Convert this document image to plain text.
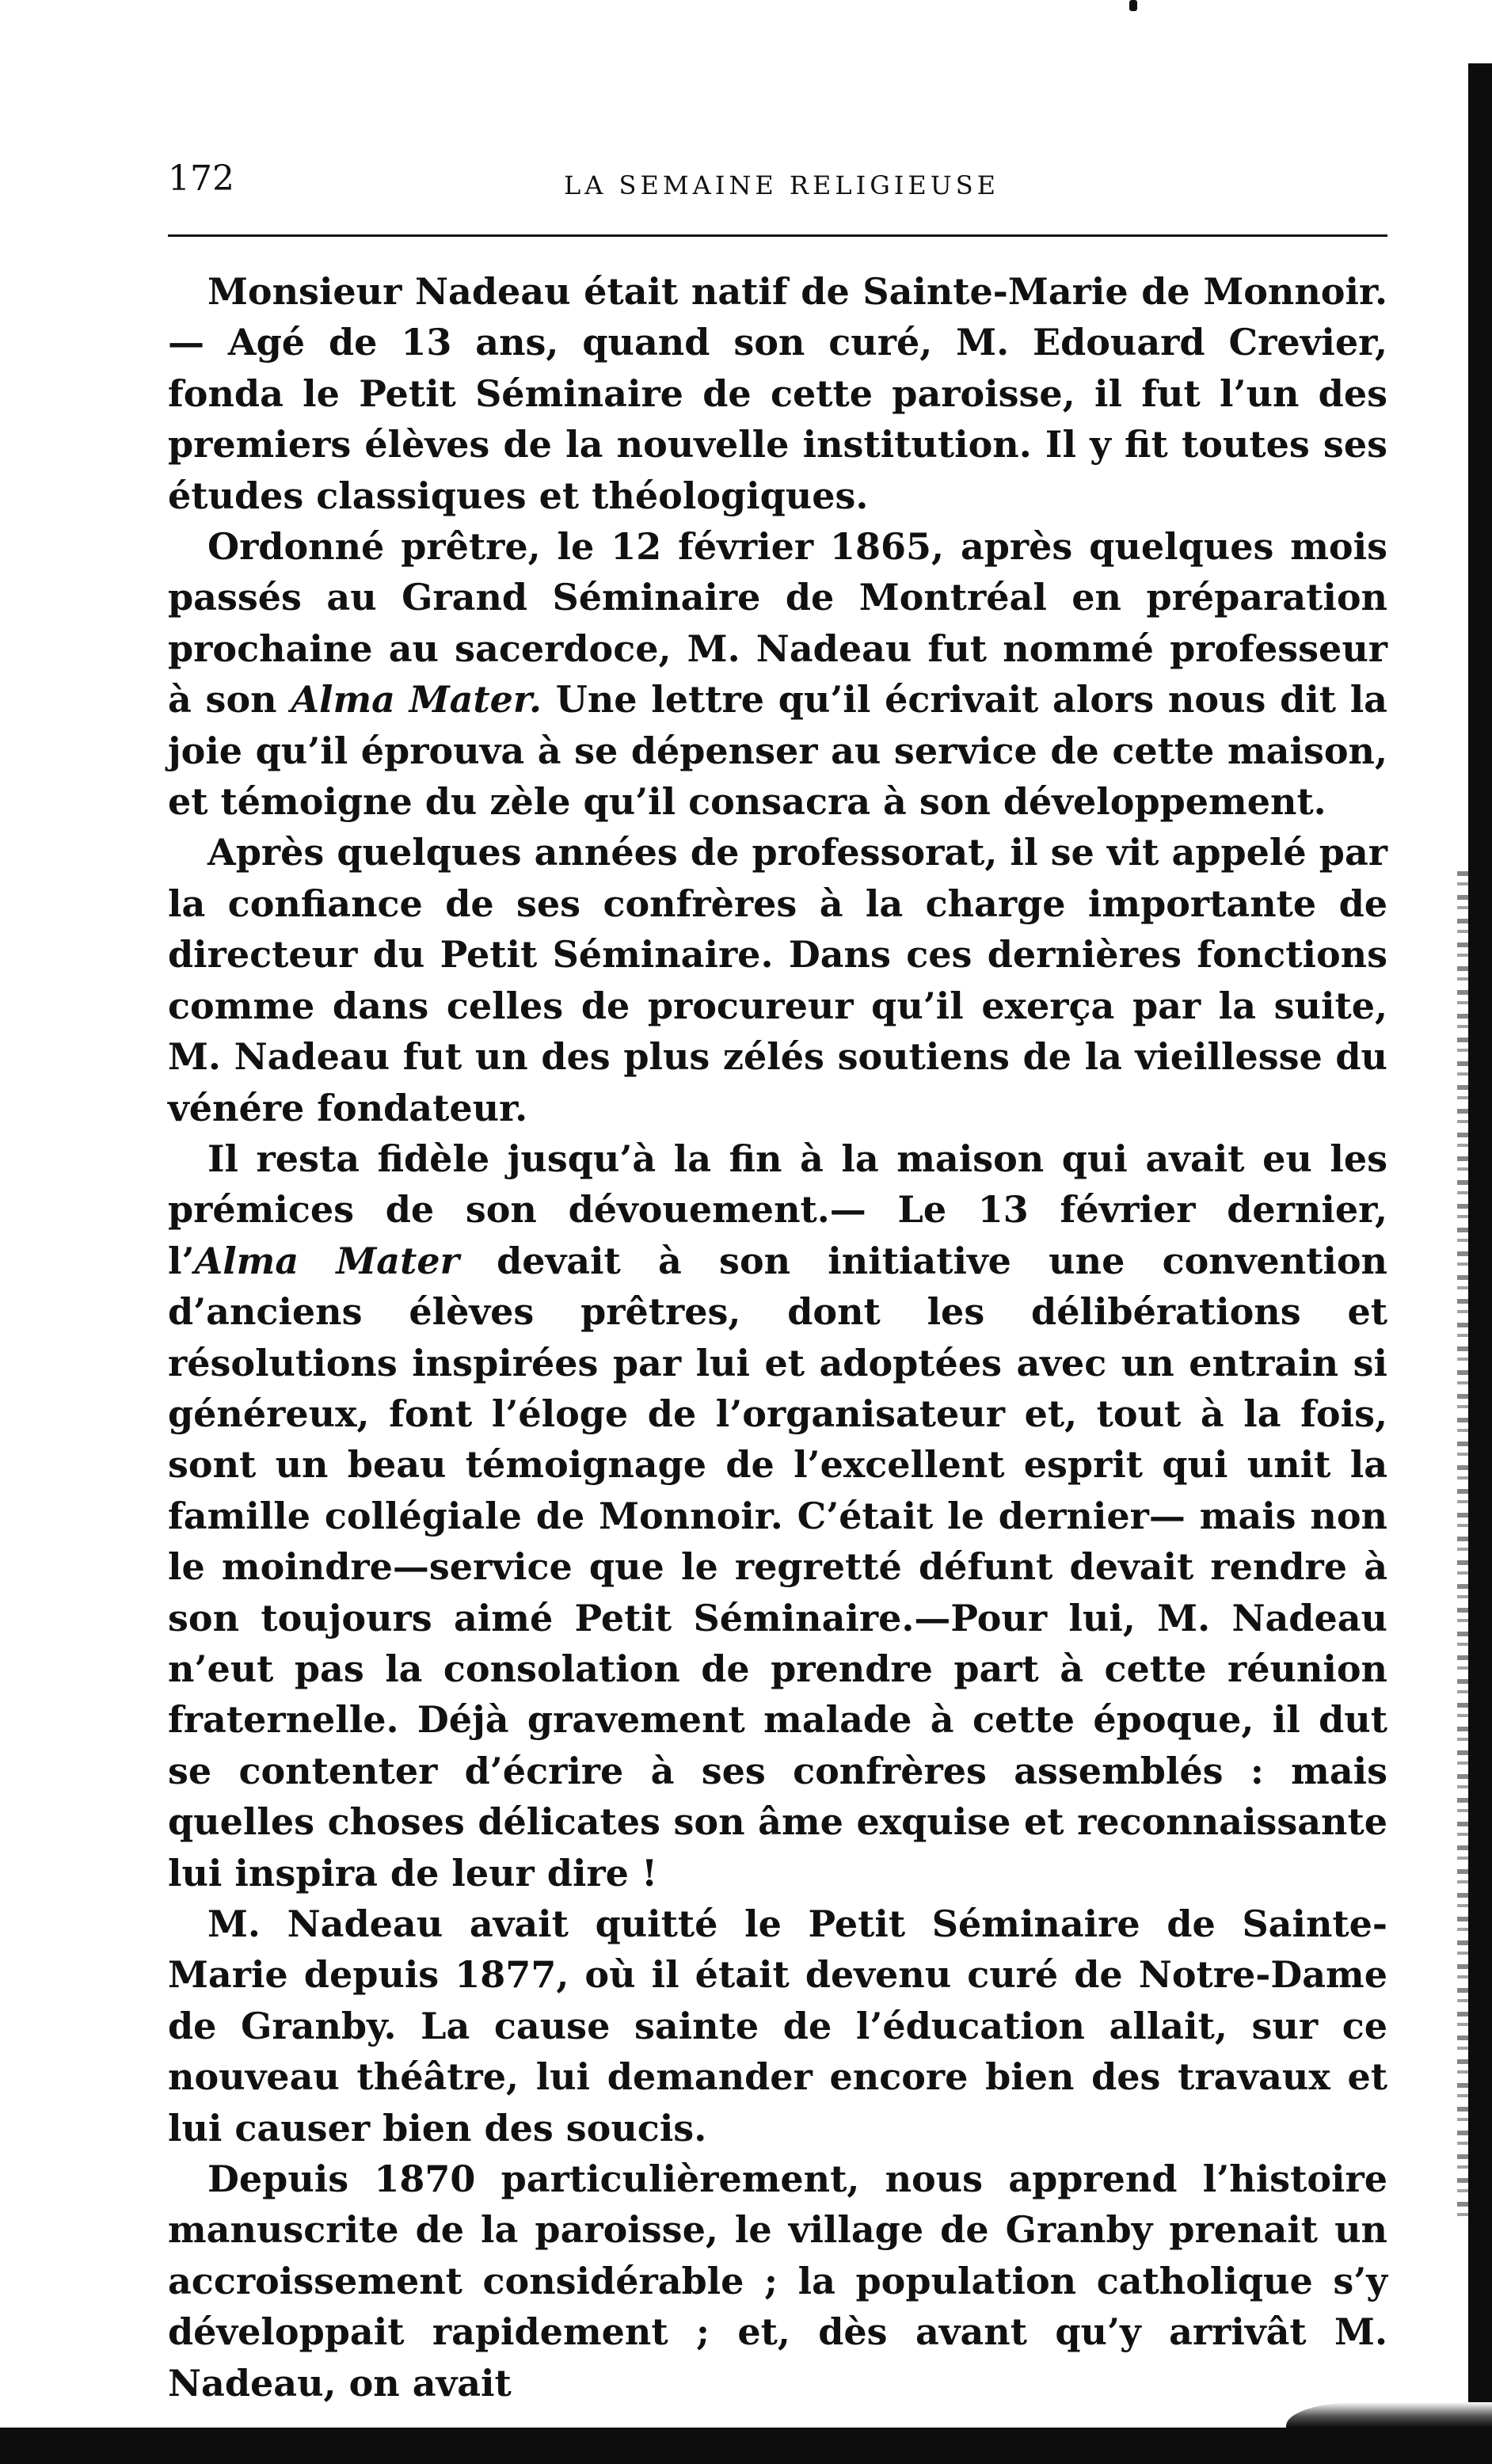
172	LA SEMAINE RELIGIEUSE

Monsieur Nadeau était natif de Sainte-Marie de Monnoir.— Agé de 13 ans, quand son curé, M. Edouard Crevier, fonda le Petit Séminaire de cette paroisse, il fut l’un des premiers élèves de la nouvelle institution. Il y fit toutes ses études classiques et théologiques.

Ordonné prêtre, le 12 février 1865, après quelques mois passés au Grand Séminaire de Montréal en préparation prochaine au sacerdoce, M. Nadeau fut nommé professeur à son Alma Mater. Une lettre qu’il écrivait alors nous dit la joie qu’il éprouva à se dépenser au service de cette maison, et témoigne du zèle qu’il consacra à son développement.

Après quelques années de professorat, il se vit appelé par la confiance de ses confrères à la charge importante de directeur du Petit Séminaire. Dans ces dernières fonctions comme dans celles de procureur qu’il exerça par la suite, M. Nadeau fut un des plus zélés soutiens de la vieillesse du vénére fondateur.

Il resta fidèle jusqu’à la fin à la maison qui avait eu les prémices de son dévouement.— Le 13 février dernier, l’Alma Mater devait à son initiative une convention d’anciens élèves prêtres, dont les délibérations et résolutions inspirées par lui et adoptées avec un entrain si généreux, font l’éloge de l’organisateur et, tout à la fois, sont un beau témoignage de l’excellent esprit qui unit la famille collégiale de Monnoir. C’était le dernier— mais non le moindre—service que le regretté défunt devait rendre à son toujours aimé Petit Séminaire.—Pour lui, M. Nadeau n’eut pas la consolation de prendre part à cette réunion fraternelle. Déjà gravement malade à cette époque, il dut se contenter d’écrire à ses confrères assemblés : mais quelles choses délicates son âme exquise et reconnaissante lui inspira de leur dire !

M. Nadeau avait quitté le Petit Séminaire de Sainte-Marie depuis 1877, où il était devenu curé de Notre-Dame de Granby. La cause sainte de l’éducation allait, sur ce nouveau théâtre, lui demander encore bien des travaux et lui causer bien des soucis.

Depuis 1870 particulièrement, nous apprend l’histoire manuscrite de la paroisse, le village de Granby prenait un accroissement considérable ; la population catholique s’y développait rapidement ; et, dès avant qu’y arrivât M. Nadeau, on avait
